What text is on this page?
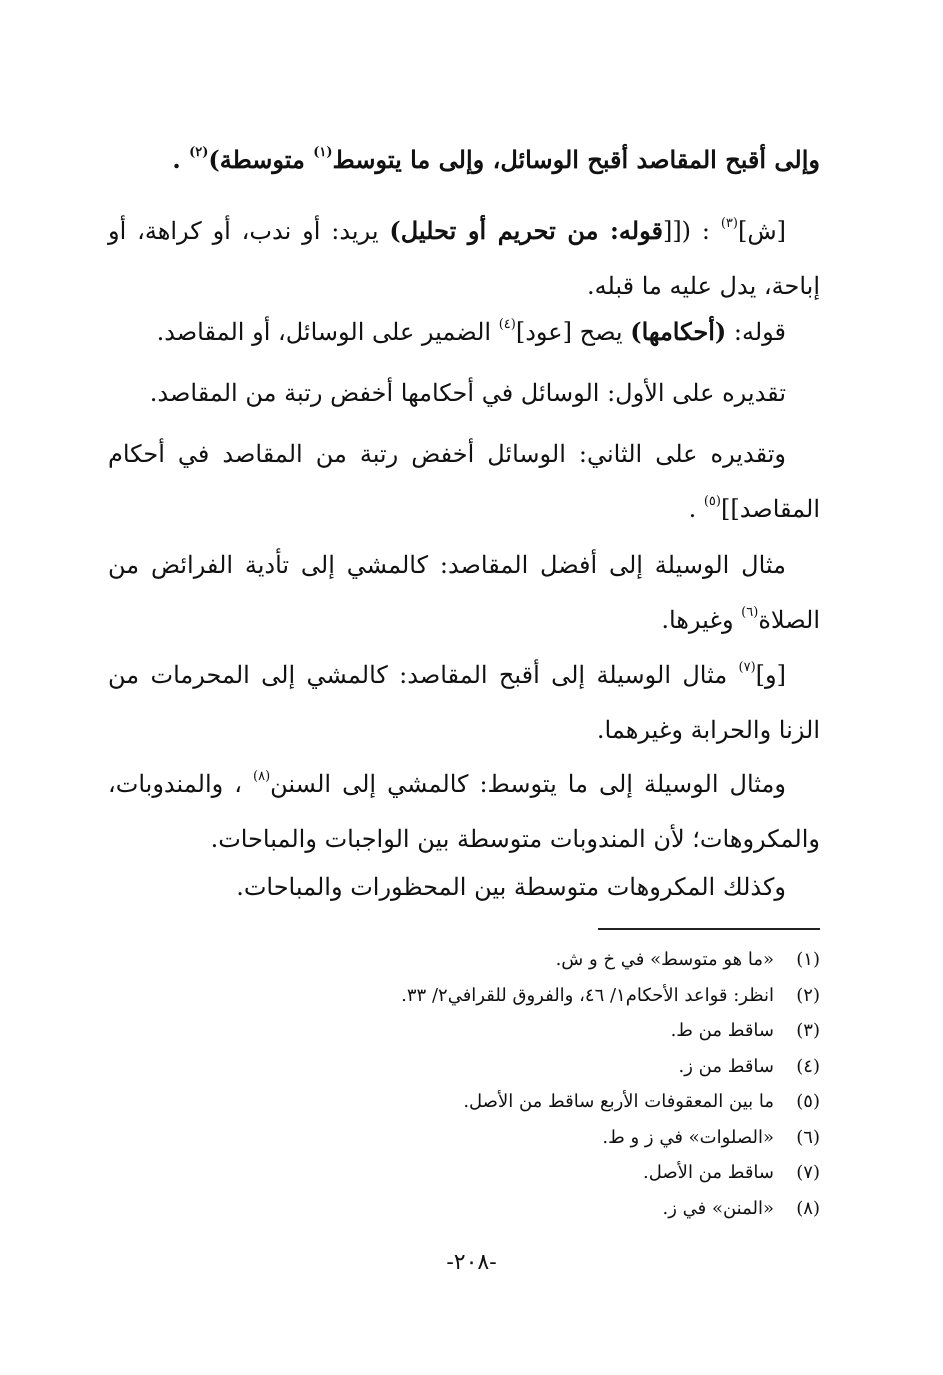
وإلى أقبح المقاصد أقبح الوسائل، وإلى ما يتوسط$^{(١)}$ متوسطة)$^{(٢)}$ .

[ش]$^{(٣)}$ : ([[قوله: من تحريم أو تحليل) يريد: أو ندب، أو كراهة، أو إباحة، يدل عليه ما قبله.

قوله: (أحكامها) يصح [عود]$^{(٤)}$ الضمير على الوسائل، أو المقاصد.

تقديره على الأول: الوسائل في أحكامها أخفض رتبة من المقاصد.

وتقديره على الثاني: الوسائل أخفض رتبة من المقاصد في أحكام المقاصد]]$^{(٥)}$ .

مثال الوسيلة إلى أفضل المقاصد: كالمشي إلى تأدية الفرائض من الصلاة$^{(٦)}$ وغيرها.

[و]$^{(٧)}$ مثال الوسيلة إلى أقبح المقاصد: كالمشي إلى المحرمات من الزنا والحرابة وغيرهما.

ومثال الوسيلة إلى ما يتوسط: كالمشي إلى السنن$^{(٨)}$ ، والمندوبات، والمكروهات؛ لأن المندوبات متوسطة بين الواجبات والمباحات.

وكذلك المكروهات متوسطة بين المحظورات والمباحات.

(١)«ما هو متوسط» في خ و ش.

(٢)انظر: قواعد الأحكام١/ ٤٦، والفروق للقرافي٢/ ٣٣.

(٣)ساقط من ط.

(٤)ساقط من ز.

(٥)ما بين المعقوفات الأربع ساقط من الأصل.

(٦)«الصلوات» في ز و ط.

(٧)ساقط من الأصل.

(٨)«المنن» في ز.

-٢٠٨-
